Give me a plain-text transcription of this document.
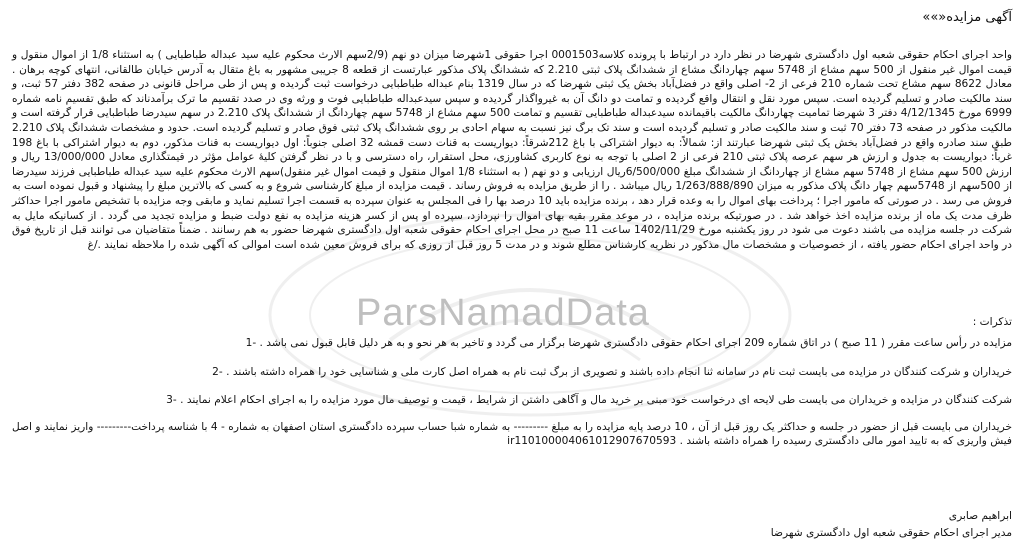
ParsNamadData
آگهی مزایده«»»
واحد اجرای احکام حقوقی شعبه اول دادگستری شهرضا در نظر دارد در ارتباط با پرونده کلاسه0001503 اجرا حقوقی 1شهرضا میزان دو نهم (2/9سهم الارث محکوم علیه سید عبداله طباطبایی ) به استثناء 1/8 از اموال منقول و قیمت اموال غیر منقول از 500 سهم مشاع از 5748 سهم چهاردانگ مشاع از ششدانگ پلاک ثبتی 2.210 که ششدانگ پلاک مذکور عبارتست از قطعه 8 جریبی مشهور به باغ متقال به آدرس خیابان طالقانی، انتهای کوچه برهان . معادل 8622 سهم مشاع تحت شماره 210 فرعی از 2- اصلی واقع در فضل‌آباد بخش یک ثبتی شهرضا که در سال 1319 بنام عبداله طباطبایی درخواست ثبت گردیده و پس از طی مراحل قانونی در صفحه 382 دفتر 57 ثبت، و سند مالکیت صادر و تسلیم گردیده است. سپس مورد نقل و انتقال واقع گردیده و تمامت دو دانگ آن به غیرواگذار گردیده و سپس سیدعبداله طباطبایی فوت و ورثه وی در صدد تقسیم ما ترک برآمدناند که طبق تقسیم نامه شماره 6999 مورخ 4/12/1345 دفتر 3 شهرضا تمامیت چهاردانگ مالکیت باقیمانده سیدعبداله طباطبایی تقسیم و تمامت 500 سهم مشاع از 5748 سهم چهاردانگ از ششدانگ پلاک 2.210 در سهم سیدرضا طباطبایی قرار گرفته است و مالکیت مذکور در صفحه 73 دفتر 70 ثبت و سند مالکیت صادر و تسلیم گردیده است و سند تک برگ نیز نسبت به سهام احادی بر روی ششدانگ پلاک ثبتی فوق صادر و تسلیم گردیده است. حدود و مشخصات ششدانگ پلاک 2.210 طبق سند صادره واقع در فضل‌آباد بخش یک ثبتی شهرضا عبارتند از: شمالاً: به دیوار اشتراکی با باغ 212شرقاً: دیواریست به قنات دست قمشه 32 اصلی جنوباً: اول دیواریست به قنات مذکور، دوم به دیوار اشتراکی با باغ 198 غرباً: دیواریست به جدول و ارزش هر سهم عرصه پلاک ثبتی 210 فرعی از 2 اصلی با توجه به نوع کاربری کشاورزی، محل استقرار، راه دسترسی و با در نظر گرفتن کلیهٔ عوامل مؤثر در قیمتگذاری معادل 13/000/000 ریال و ارزش 500 سهم مشاع از 5748 سهم مشاع از چهاردانگ از ششدانگ مبلغ 6/500/000ریال ارزیابی و دو نهم ( به استثناء 1/8 اموال منقول و قیمت اموال غیر منقول)سهم الارث محکوم علیه سید عبداله طباطبایی فرزند سیدرضا از 500سهم از 5748سهم چهار دانگ پلاک مذکور به میزان 1/263/888/890 ریال میباشد . را از طریق مزایده به فروش رساند . قیمت مزایده از مبلغ کارشناسی شروع و به کسی که بالاترین مبلغ را پیشنهاد و قبول نموده است به فروش می رسد . در صورتی که مامور اجرا ؛ پرداخت بهای اموال را به وعده قرار دهد ، برنده مزایده باید 10 درصد بها را فی المجلس به عنوان سپرده به قسمت اجرا تسلیم نماید و مابقی وجه مزایده با تشخیص مامور اجرا حداکثر ظرف مدت یک ماه از برنده مزایده اخذ خواهد شد . در صورتیکه برنده مزایده ، در موعد مقرر بقیه بهای اموال را نپردازد، سپرده او پس از کسر هزینه مزایده به نفع دولت ضبط و مزایده تجدید می گردد . از کسانیکه مایل به شرکت در جلسه مزایده می باشند دعوت می شود در روز یکشنبه مورخ 1402/11/29 ساعت 11 صبح در محل اجرای احکام حقوقی شعبه اول دادگستری شهرضا حضور به هم رسانند . ضمناً متقاضیان می توانند قبل از تاریخ فوق در واحد اجرای احکام حضور یافته ، از خصوصیات و مشخصات مال مذکور در نظریه کارشناس مطلع شوند و در مدت 5 روز قبل از روزی که برای فروش معین شده است اموالی که آگهی شده را ملاحظه نمایند ./غ
تذکرات :

مزایده در رأس ساعت مقرر ( 11 صبح ) در اتاق شماره 209 اجرای احکام حقوقی دادگستری شهرضا برگزار می گردد و تاخیر به هر نحو و به هر دلیل قابل قبول نمی باشد . -1

خریداران و شرکت کنندگان در مزایده می بایست ثبت نام در سامانه ثنا انجام داده باشند و تصویری از برگ ثبت نام به همراه اصل کارت ملی و شناسایی خود را همراه داشته باشند . -2

شرکت کنندگان در مزایده و خریداران می بایست طی لایحه ای درخواست خود مبنی بر خرید مال و آگاهی داشتن از شرایط ، قیمت و توصیف مال مورد مزایده را به اجرای احکام اعلام نمایند . -3

خریداران می بایست قبل از حضور در جلسه و حداکثر یک روز قبل از آن ، 10 درصد پایه مزایده را به مبلغ --------- به شماره شبا حساب سپرده دادگستری استان اصفهان به شماره - 4 با شناسه پرداخت--------- واریز نمایند و اصل فیش واریزی که به تایید امور مالی دادگستری رسیده را همراه داشته باشند . ir110100004061012907670593

ابراهیم صابری
مدیر اجرای احکام حقوقی شعبه اول دادگستری شهرضا
